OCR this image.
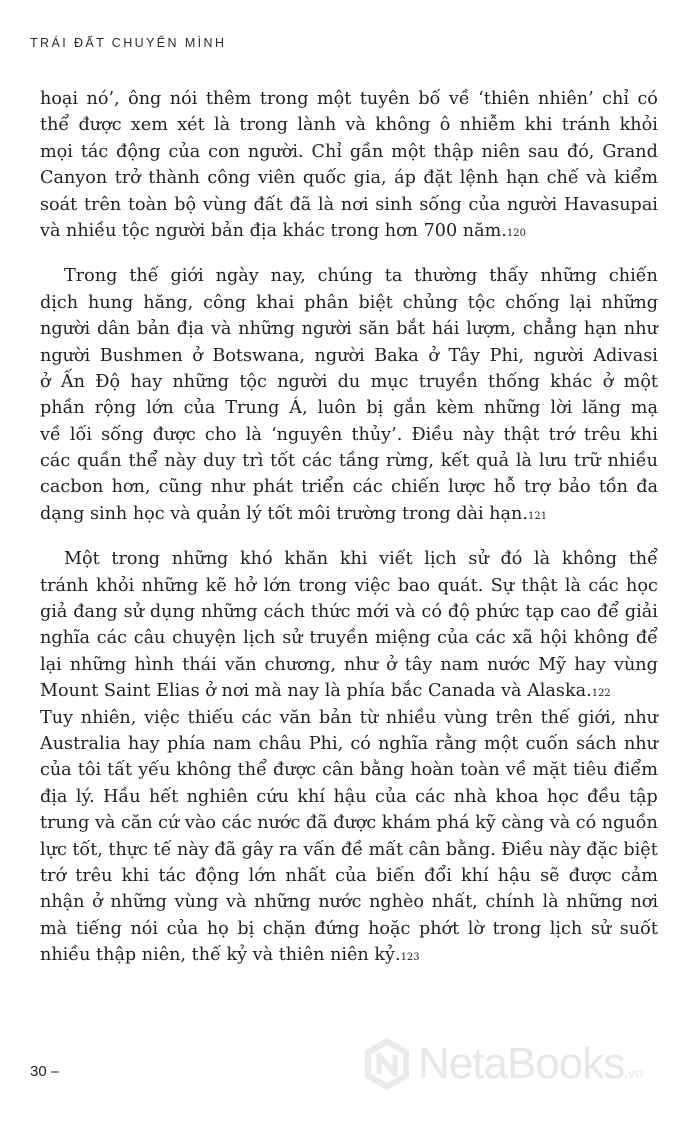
TRÁI ĐẤT CHUYỂN MÌNH
hoại nó’, ông nói thêm trong một tuyên bố về ‘thiên nhiên’ chỉ có
thể được xem xét là trong lành và không ô nhiễm khi tránh khỏi
mọi tác động của con người. Chỉ gần một thập niên sau đó, Grand
Canyon trở thành công viên quốc gia, áp đặt lệnh hạn chế và kiểm
soát trên toàn bộ vùng đất đã là nơi sinh sống của người Havasupai
và nhiều tộc người bản địa khác trong hơn 700 năm. 120
Trong thế giới ngày nay, chúng ta thường thấy những chiến
dịch hung hăng, công khai phân biệt chủng tộc chống lại những
người dân bản địa và những người săn bắt hái lượm, chẳng hạn như
người Bushmen ở Botswana, người Baka ở Tây Phi, người Adivasi
ở Ấn Độ hay những tộc người du mục truyền thống khác ở một
phần rộng lớn của Trung Á, luôn bị gắn kèm những lời lăng mạ
về lối sống được cho là ‘nguyên thủy’. Điều này thật trớ trêu khi
các quần thể này duy trì tốt các tầng rừng, kết quả là lưu trữ nhiều
cacbon hơn, cũng như phát triển các chiến lược hỗ trợ bảo tồn đa
dạng sinh học và quản lý tốt môi trường trong dài hạn. 121
Một trong những khó khăn khi viết lịch sử đó là không thể
tránh khỏi những kẽ hở lớn trong việc bao quát. Sự thật là các học
giả đang sử dụng những cách thức mới và có độ phức tạp cao để giải
nghĩa các câu chuyện lịch sử truyền miệng của các xã hội không để
lại những hình thái văn chương, như ở tây nam nước Mỹ hay vùng
Mount Saint Elias ở nơi mà nay là phía bắc Canada và Alaska. 122
Tuy nhiên, việc thiếu các văn bản từ nhiều vùng trên thế giới, như
Australia hay phía nam châu Phi, có nghĩa rằng một cuốn sách như
của tôi tất yếu không thể được cân bằng hoàn toàn về mặt tiêu điểm
địa lý. Hầu hết nghiên cứu khí hậu của các nhà khoa học đều tập
trung và căn cứ vào các nước đã được khám phá kỹ càng và có nguồn
lực tốt, thực tế này đã gây ra vấn đề mất cân bằng. Điều này đặc biệt
trớ trêu khi tác động lớn nhất của biến đổi khí hậu sẽ được cảm
nhận ở những vùng và những nước nghèo nhất, chính là những nơi
mà tiếng nói của họ bị chặn đứng hoặc phớt lờ trong lịch sử suốt
nhiều thập niên, thế kỷ và thiên niên kỷ. 123
30 –	NetaBooks.vn
